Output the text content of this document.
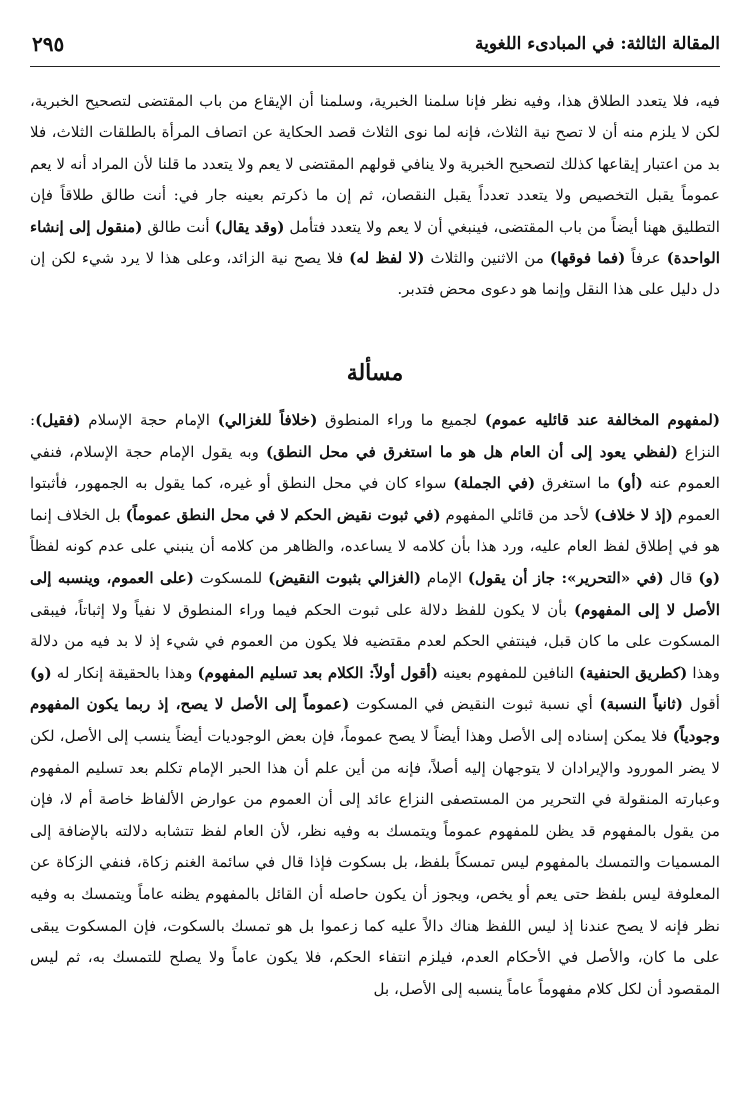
المقالة الثالثة: في المبادىء اللغوية
٢٩٥

فيه، فلا يتعدد الطلاق هذا، وفيه نظر فإنا سلمنا الخبرية، وسلمنا أن الإيقاع من باب المقتضى لتصحيح الخبرية، لكن لا يلزم منه أن لا تصح نية الثلاث، فإنه لما نوى الثلاث قصد الحكاية عن اتصاف المرأة بالطلقات الثلاث، فلا بد من اعتبار إيقاعها كذلك لتصحيح الخبرية ولا ينافي قولهم المقتضى لا يعم ولا يتعدد ما قلنا لأن المراد أنه لا يعم عموماً يقبل التخصيص ولا يتعدد تعدداً يقبل النقصان، ثم إن ما ذكرتم بعينه جار في: أنت طالق طلاقاً فإن التطليق ههنا أيضاً من باب المقتضى، فينبغي أن لا يعم ولا يتعدد فتأمل (وقد يقال) أنت طالق (منقول إلى إنشاء الواحدة) عرفاً (فما فوقها) من الاثنين والثلاث (لا لفظ له) فلا يصح نية الزائد، وعلى هذا لا يرد شيء لكن إن دل دليل على هذا النقل وإنما هو دعوى محض فتدبر.

مسألة

(لمفهوم المخالفة عند قائليه عموم) لجميع ما وراء المنطوق (خلافاً للغزالي) الإمام حجة الإسلام (فقيل): النزاع (لفظي يعود إلى أن العام هل هو ما استغرق في محل النطق) وبه يقول الإمام حجة الإسلام، فنفي العموم عنه (أو) ما استغرق (في الجملة) سواء كان في محل النطق أو غيره، كما يقول به الجمهور، فأثبتوا العموم (إذ لا خلاف) لأحد من قائلي المفهوم (في ثبوت نقيض الحكم لا في محل النطق عموماً) بل الخلاف إنما هو في إطلاق لفظ العام عليه، ورد هذا بأن كلامه لا يساعده، والظاهر من كلامه أن ينبني على عدم كونه لفظاً (و) قال (في «التحرير»: جاز أن يقول) الإمام (الغزالي بثبوت النقيض) للمسكوت (على العموم، وينسبه إلى الأصل لا إلى المفهوم) بأن لا يكون للفظ دلالة على ثبوت الحكم فيما وراء المنطوق لا نفياً ولا إثباتاً، فيبقى المسكوت على ما كان قبل، فينتفي الحكم لعدم مقتضيه فلا يكون من العموم في شيء إذ لا بد فيه من دلالة وهذا (كطريق الحنفية) النافين للمفهوم بعينه (أقول أولاً: الكلام بعد تسليم المفهوم) وهذا بالحقيقة إنكار له (و) أقول (ثانياً النسبة) أي نسبة ثبوت النقيض في المسكوت (عموماً إلى الأصل لا يصح، إذ ربما يكون المفهوم وجودياً) فلا يمكن إسناده إلى الأصل وهذا أيضاً لا يصح عموماً، فإن بعض الوجوديات أيضاً ينسب إلى الأصل، لكن لا يضر المورود والإيرادان لا يتوجهان إليه أصلاً، فإنه من أين علم أن هذا الحبر الإمام تكلم بعد تسليم المفهوم وعبارته المنقولة في التحرير من المستصفى النزاع عائد إلى أن العموم من عوارض الألفاظ خاصة أم لا، فإن من يقول بالمفهوم قد يظن للمفهوم عموماً ويتمسك به وفيه نظر، لأن العام لفظ تتشابه دلالته بالإضافة إلى المسميات والتمسك بالمفهوم ليس تمسكاً بلفظ، بل بسكوت فإذا قال في سائمة الغنم زكاة، فنفي الزكاة عن المعلوفة ليس بلفظ حتى يعم أو يخص، ويجوز أن يكون حاصله أن القائل بالمفهوم يظنه عاماً ويتمسك به وفيه نظر فإنه لا يصح عندنا إذ ليس اللفظ هناك دالاً عليه كما زعموا بل هو تمسك بالسكوت، فإن المسكوت يبقى على ما كان، والأصل في الأحكام العدم، فيلزم انتفاء الحكم، فلا يكون عاماً ولا يصلح للتمسك به، ثم ليس المقصود أن لكل كلام مفهوماً عاماً ينسبه إلى الأصل، بل
